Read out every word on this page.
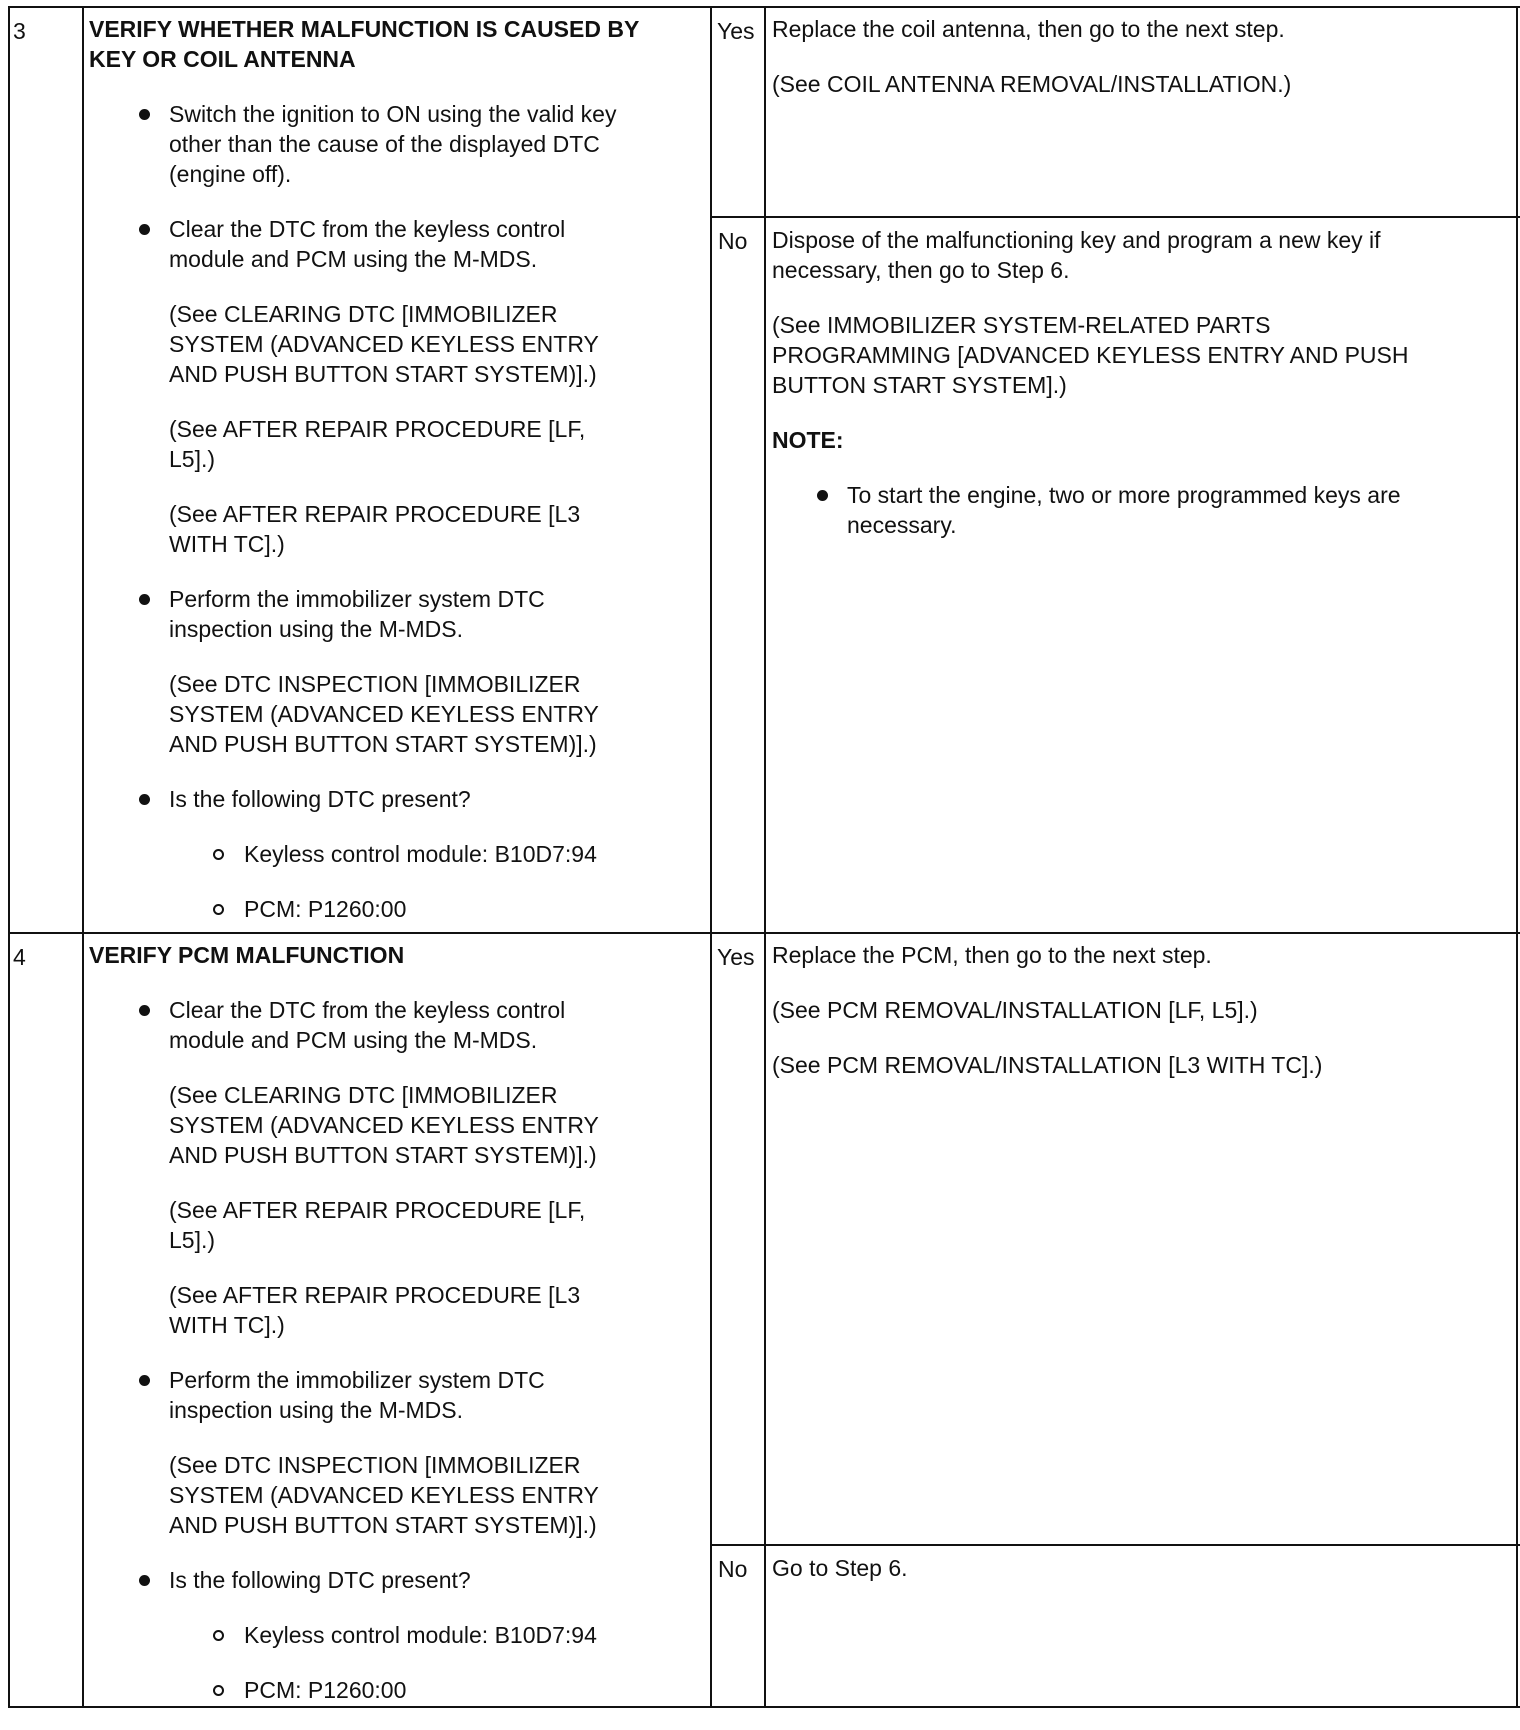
3	VERIFY WHETHER MALFUNCTION IS CAUSED BY
KEY OR COIL ANTENNA
Switch the ignition to ON using the valid key
other than the cause of the displayed DTC
(engine off).
Clear the DTC from the keyless control
module and PCM using the M-MDS.
(See CLEARING DTC [IMMOBILIZER
SYSTEM (ADVANCED KEYLESS ENTRY
AND PUSH BUTTON START SYSTEM)].)
(See AFTER REPAIR PROCEDURE [LF,
L5].)
(See AFTER REPAIR PROCEDURE [L3
WITH TC].)
Perform the immobilizer system DTC
inspection using the M-MDS.
(See DTC INSPECTION [IMMOBILIZER
SYSTEM (ADVANCED KEYLESS ENTRY
AND PUSH BUTTON START SYSTEM)].)
Is the following DTC present?
Keyless control module: B10D7:94
PCM: P1260:00
Yes Replace the coil antenna, then go to the next step.
(See COIL ANTENNA REMOVAL/INSTALLATION.)
No Dispose of the malfunctioning key and program a new key if
necessary, then go to Step 6.
(See IMMOBILIZER SYSTEM-RELATED PARTS
PROGRAMMING [ADVANCED KEYLESS ENTRY AND PUSH
BUTTON START SYSTEM].)
NOTE:
To start the engine, two or more programmed keys are
necessary.
4	VERIFY PCM MALFUNCTION
Clear the DTC from the keyless control
module and PCM using the M-MDS.
(See CLEARING DTC [IMMOBILIZER
SYSTEM (ADVANCED KEYLESS ENTRY
AND PUSH BUTTON START SYSTEM)].)
(See AFTER REPAIR PROCEDURE [LF,
L5].)
(See AFTER REPAIR PROCEDURE [L3
WITH TC].)
Perform the immobilizer system DTC
inspection using the M-MDS.
(See DTC INSPECTION [IMMOBILIZER
SYSTEM (ADVANCED KEYLESS ENTRY
AND PUSH BUTTON START SYSTEM)].)
Is the following DTC present?
Keyless control module: B10D7:94
PCM: P1260:00
Yes Replace the PCM, then go to the next step.
(See PCM REMOVAL/INSTALLATION [LF, L5].)
(See PCM REMOVAL/INSTALLATION [L3 WITH TC].)
No Go to Step 6.
